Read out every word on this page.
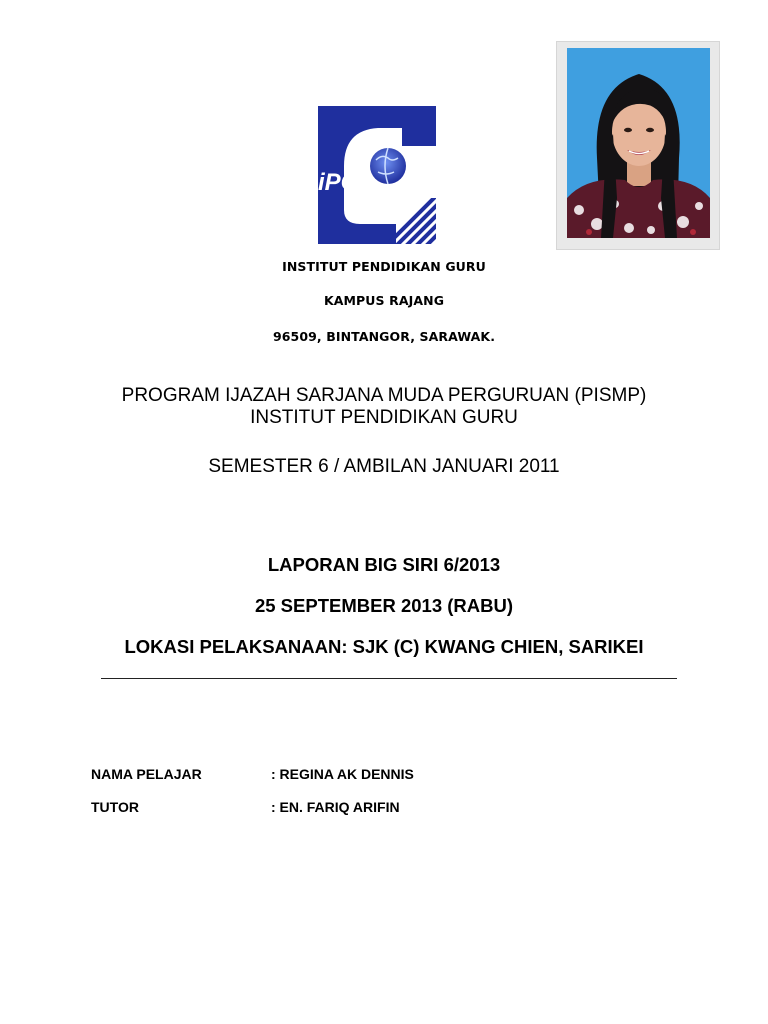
iPG
INSTITUT PENDIDIKAN GURU
KAMPUS RAJANG
96509, BINTANGOR, SARAWAK.
PROGRAM IJAZAH SARJANA MUDA PERGURUAN (PISMP)
INSTITUT PENDIDIKAN GURU
SEMESTER 6 / AMBILAN JANUARI 2011
LAPORAN BIG SIRI 6/2013
25 SEPTEMBER 2013 (RABU)
LOKASI PELAKSANAAN: SJK (C) KWANG CHIEN, SARIKEI
NAMA PELAJAR	: REGINA AK DENNIS
TUTOR	: EN. FARIQ ARIFIN
